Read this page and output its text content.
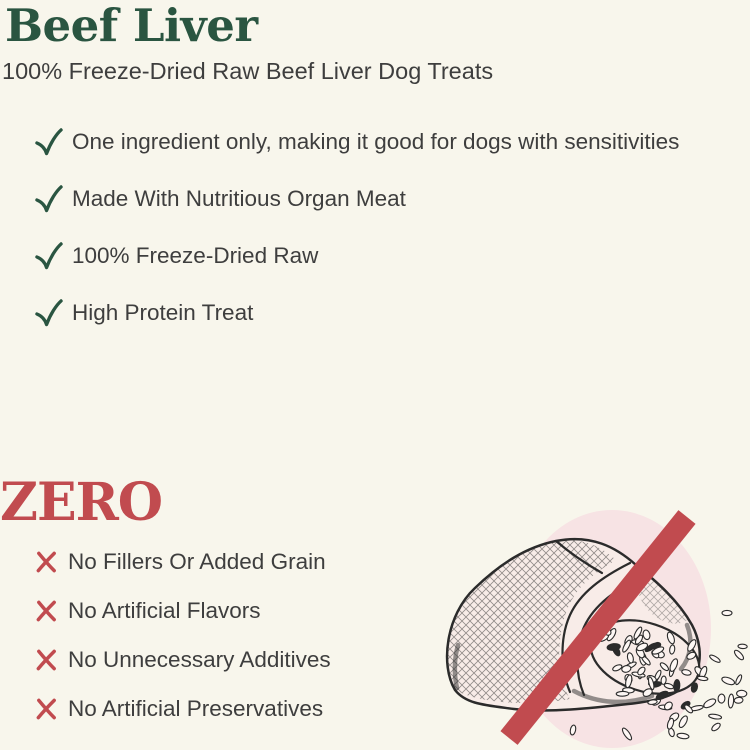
Beef Liver
100% Freeze-Dried Raw Beef Liver Dog Treats
One ingredient only, making it good for dogs with sensitivities
Made With Nutritious Organ Meat
100% Freeze-Dried Raw
High Protein Treat
ZERO
No Fillers Or Added Grain
No Artificial Flavors
No Unnecessary Additives
No Artificial Preservatives
